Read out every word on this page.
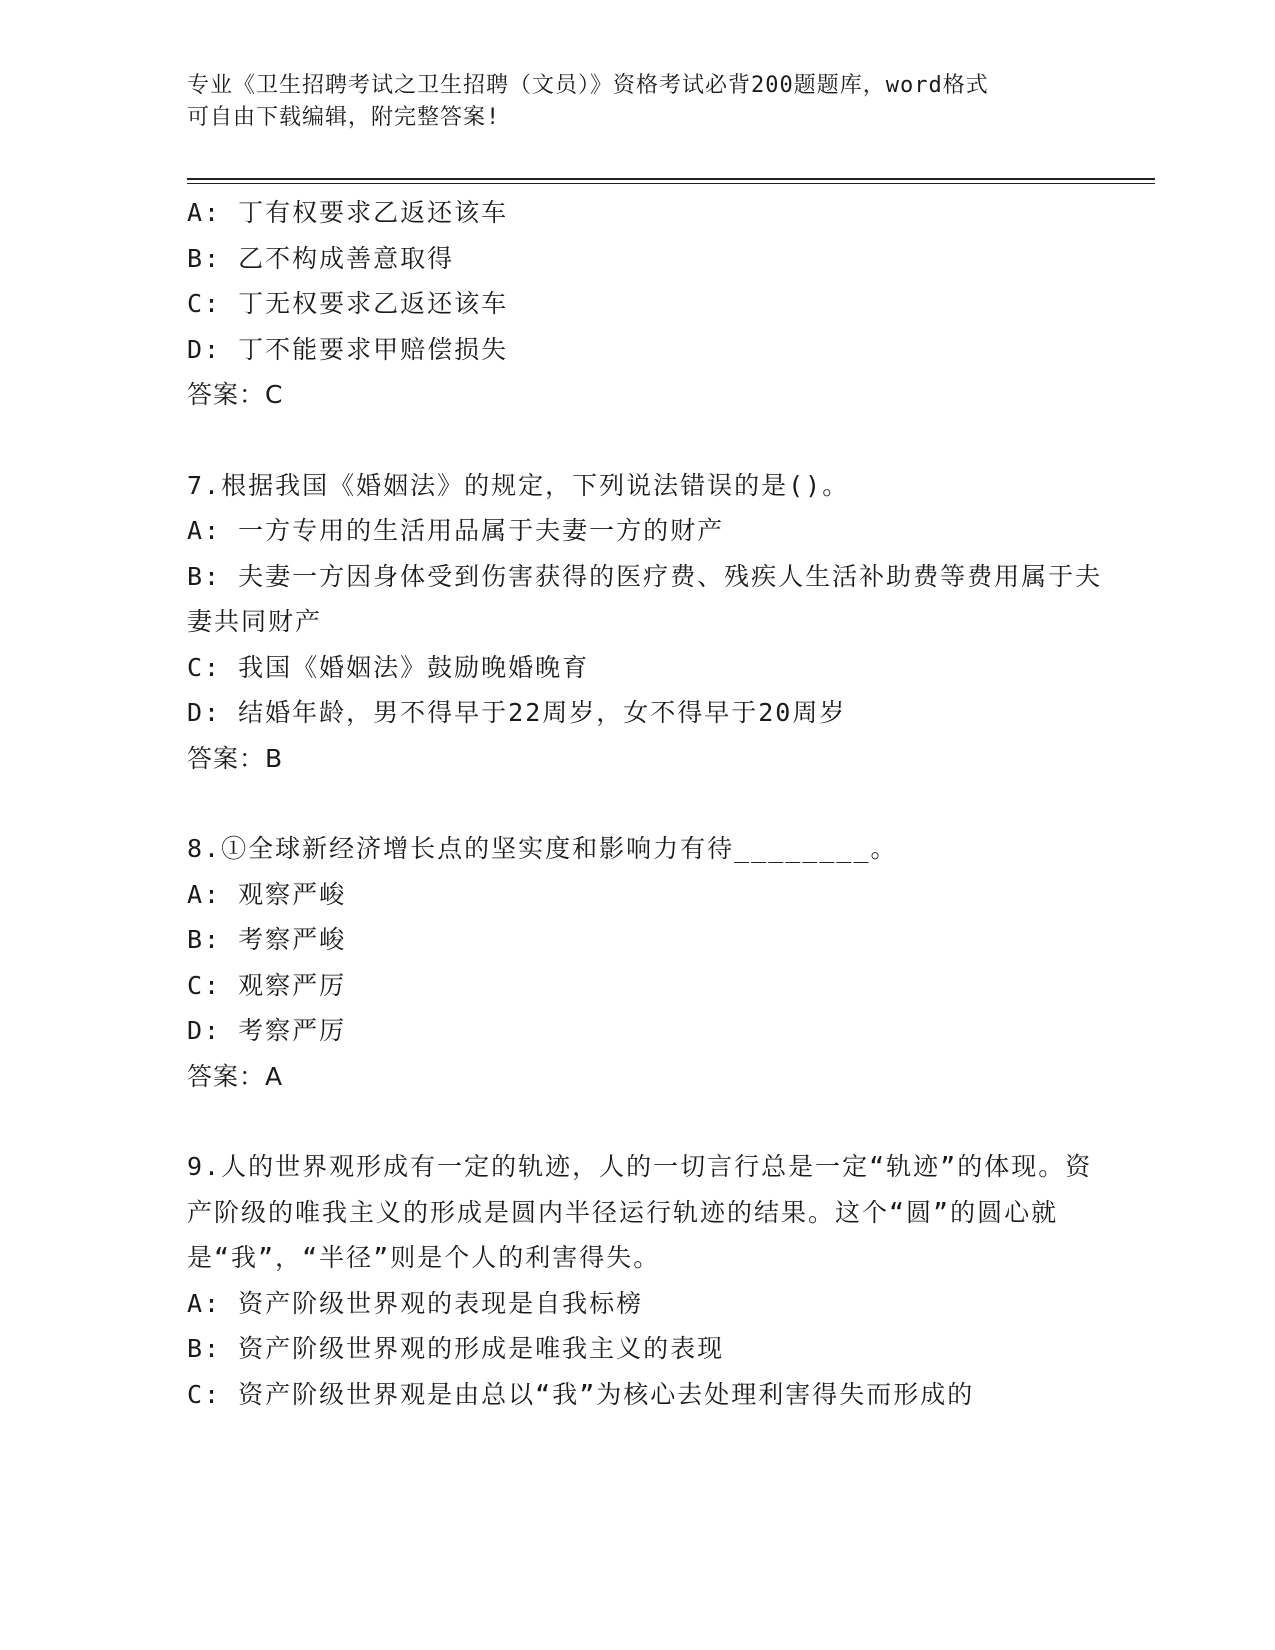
专业《卫生招聘考试之卫生招聘（文员）》资格考试必背200题题库，word格式
可自由下载编辑，附完整答案!
A: 丁有权要求乙返还该车
B: 乙不构成善意取得
C: 丁无权要求乙返还该车
D: 丁不能要求甲赔偿损失
答案：C
7.根据我国《婚姻法》的规定，下列说法错误的是()。
A: 一方专用的生活用品属于夫妻一方的财产
B: 夫妻一方因身体受到伤害获得的医疗费、残疾人生活补助费等费用属于夫妻共同财产
C: 我国《婚姻法》鼓励晚婚晚育
D: 结婚年龄，男不得早于22周岁，女不得早于20周岁
答案：B
8.①全球新经济增长点的坚实度和影响力有待________。
A: 观察严峻
B: 考察严峻
C: 观察严厉
D: 考察严厉
答案：A
9.人的世界观形成有一定的轨迹，人的一切言行总是一定“轨迹”的体现。资产阶级的唯我主义的形成是圆内半径运行轨迹的结果。这个“圆”的圆心就是“我”，“半径”则是个人的利害得失。
A: 资产阶级世界观的表现是自我标榜
B: 资产阶级世界观的形成是唯我主义的表现
C: 资产阶级世界观是由总以“我”为核心去处理利害得失而形成的
